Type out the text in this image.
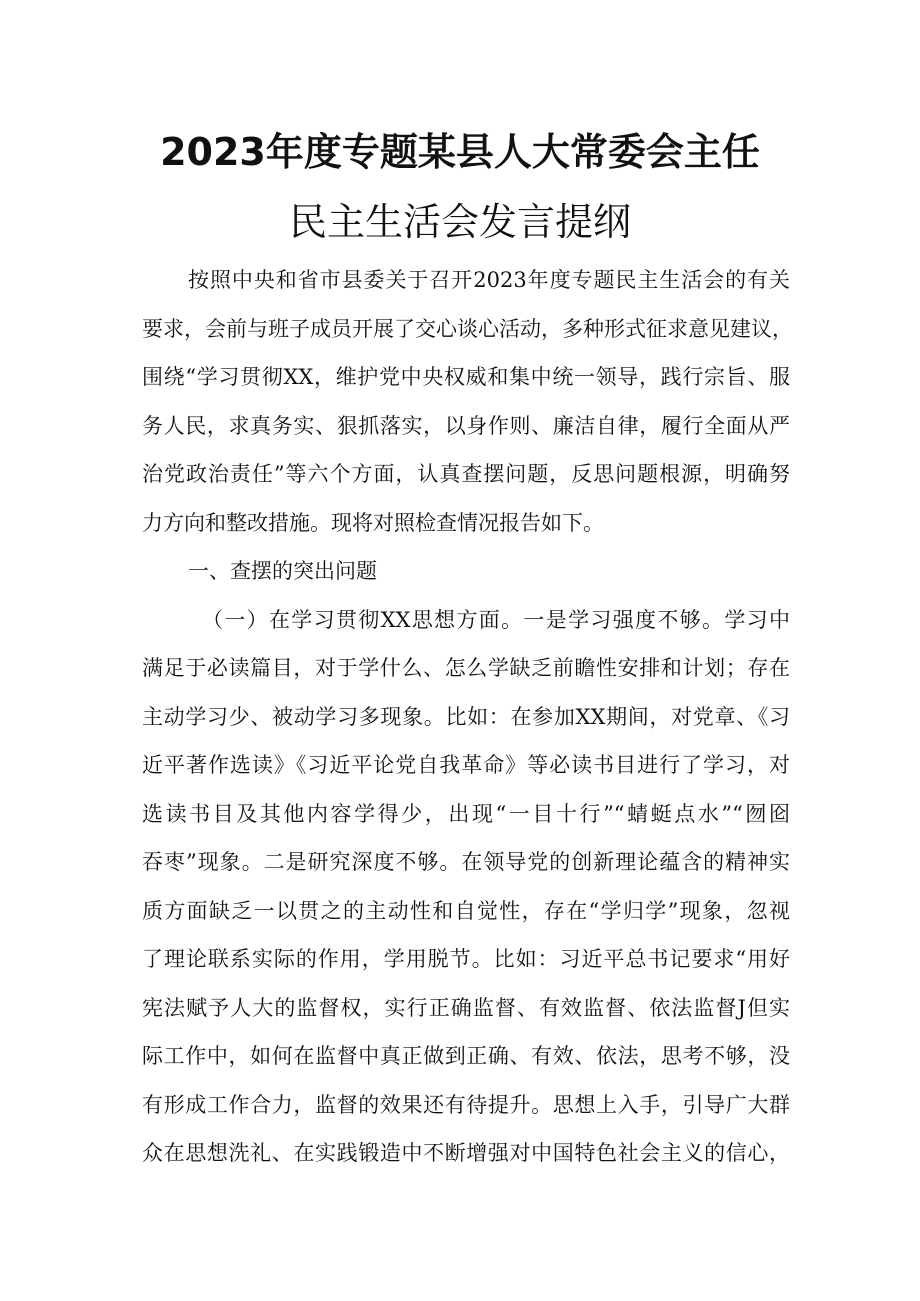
2023年度专题某县人大常委会主任
民主生活会发言提纲
按照中央和省市县委关于召开2023年度专题民主生活会的有关
要求，会前与班子成员开展了交心谈心活动，多种形式征求意见建议，
围绕“学习贯彻XX，维护党中央权威和集中统一领导，践行宗旨、服
务人民，求真务实、狠抓落实，以身作则、廉洁自律，履行全面从严
治党政治责任”等六个方面，认真查摆问题，反思问题根源，明确努
力方向和整改措施。现将对照检查情况报告如下。
一、查摆的突出问题
（一）在学习贯彻XX思想方面。一是学习强度不够。学习中
满足于必读篇目，对于学什么、怎么学缺乏前瞻性安排和计划；存在
主动学习少、被动学习多现象。比如：在参加XX期间，对党章、《习
近平著作选读》《习近平论党自我革命》等必读书目进行了学习，对
选读书目及其他内容学得少，出现“一目十行”“蜻蜓点水”“囫囵
吞枣”现象。二是研究深度不够。在领导党的创新理论蕴含的精神实
质方面缺乏一以贯之的主动性和自觉性，存在“学归学”现象，忽视
了理论联系实际的作用，学用脱节。比如：习近平总书记要求“用好
宪法赋予人大的监督权，实行正确监督、有效监督、依法监督J但实
际工作中，如何在监督中真正做到正确、有效、依法，思考不够，没
有形成工作合力，监督的效果还有待提升。思想上入手，引导广大群
众在思想洗礼、在实践锻造中不断增强对中国特色社会主义的信心，
